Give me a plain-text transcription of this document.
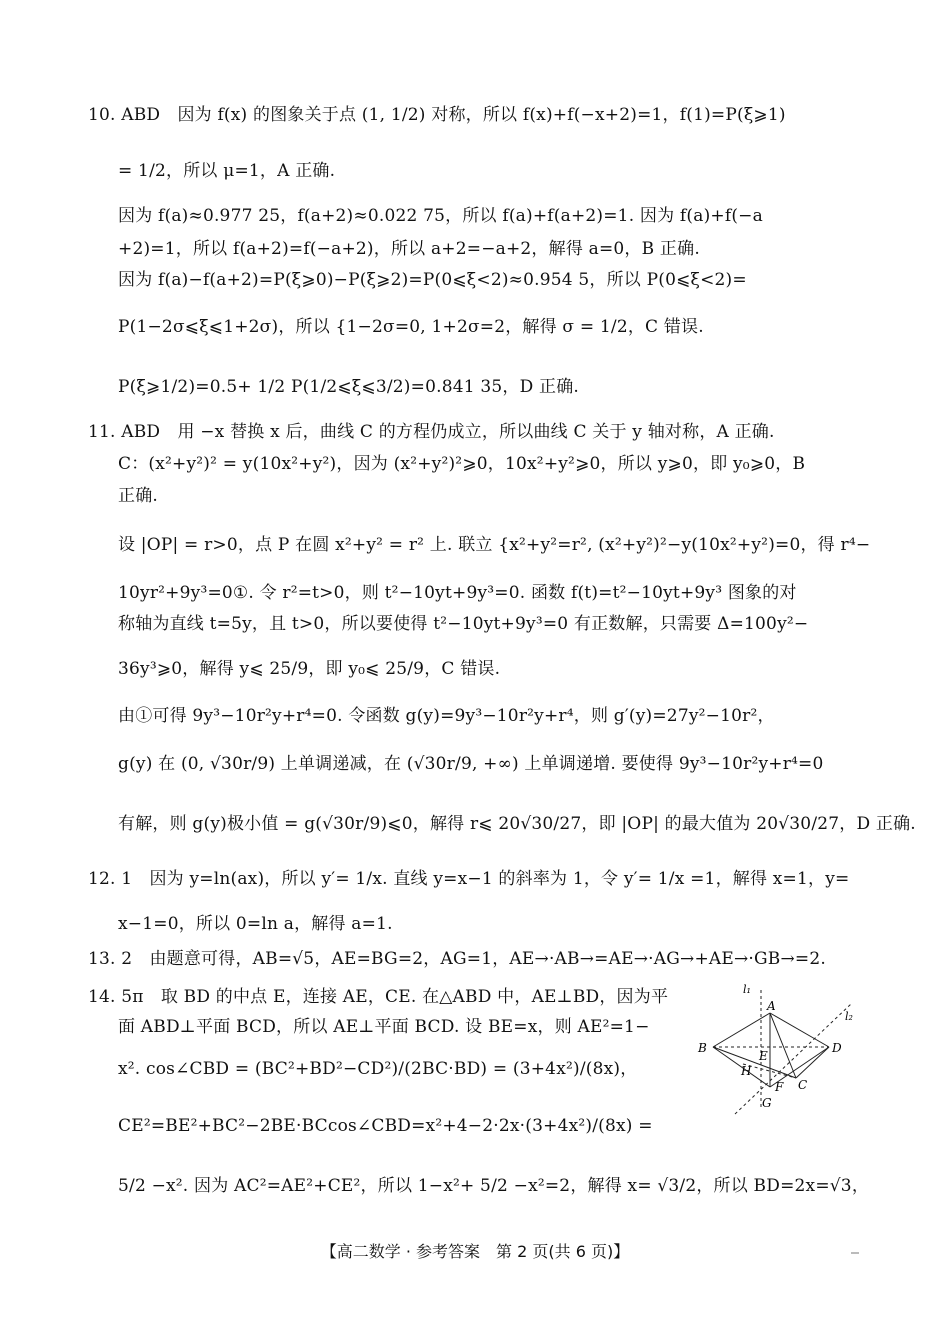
10. ABD　因为 f(x) 的图象关于点 (1, 1/2) 对称，所以 f(x)+f(−x+2)=1，f(1)=P(ξ⩾1)
= 1/2，所以 μ=1，A 正确.
因为 f(a)≈0.977 25，f(a+2)≈0.022 75，所以 f(a)+f(a+2)=1. 因为 f(a)+f(−a
+2)=1，所以 f(a+2)=f(−a+2)，所以 a+2=−a+2，解得 a=0，B 正确.
因为 f(a)−f(a+2)=P(ξ⩾0)−P(ξ⩾2)=P(0⩽ξ<2)≈0.954 5，所以 P(0⩽ξ<2)=
P(1−2σ⩽ξ⩽1+2σ)，所以 {1−2σ=0, 1+2σ=2，解得 σ = 1/2，C 错误.
P(ξ⩾1/2)=0.5+ 1/2 P(1/2⩽ξ⩽3/2)=0.841 35，D 正确.
11. ABD　用 −x 替换 x 后，曲线 C 的方程仍成立，所以曲线 C 关于 y 轴对称，A 正确.
C：(x²+y²)² = y(10x²+y²)，因为 (x²+y²)²⩾0，10x²+y²⩾0，所以 y⩾0，即 y₀⩾0，B
正确.
设 |OP| = r>0，点 P 在圆 x²+y² = r² 上. 联立 {x²+y²=r², (x²+y²)²−y(10x²+y²)=0，得 r⁴−
10yr²+9y³=0①. 令 r²=t>0，则 t²−10yt+9y³=0. 函数 f(t)=t²−10yt+9y³ 图象的对
称轴为直线 t=5y，且 t>0，所以要使得 t²−10yt+9y³=0 有正数解，只需要 Δ=100y²−
36y³⩾0，解得 y⩽ 25/9，即 y₀⩽ 25/9，C 错误.
由①可得 9y³−10r²y+r⁴=0. 令函数 g(y)=9y³−10r²y+r⁴，则 g′(y)=27y²−10r²，
g(y) 在 (0, √30r/9) 上单调递减，在 (√30r/9, +∞) 上单调递增. 要使得 9y³−10r²y+r⁴=0
有解，则 g(y)极小值 = g(√30r/9)⩽0，解得 r⩽ 20√30/27，即 |OP| 的最大值为 20√30/27，D 正确.
12. 1　因为 y=ln(ax)，所以 y′= 1/x. 直线 y=x−1 的斜率为 1，令 y′= 1/x =1，解得 x=1，y=
x−1=0，所以 0=ln a，解得 a=1.
13. 2　由题意可得，AB=√5，AE=BG=2，AG=1，AE→·AB→=AE→·AG→+AE→·GB→=2.
14. 5π　取 BD 的中点 E，连接 AE，CE. 在△ABD 中，AE⊥BD，因为平
面 ABD⊥平面 BCD，所以 AE⊥平面 BCD. 设 BE=x，则 AE²=1−
x². cos∠CBD = (BC²+BD²−CD²)/(2BC·BD) = (3+4x²)/(8x)，
CE²=BE²+BC²−2BE·BCcos∠CBD=x²+4−2·2x·(3+4x²)/(8x) =
5/2 −x². 因为 AC²=AE²+CE²，所以 1−x²+ 5/2 −x²=2，解得 x= √3/2，所以 BD=2x=√3，
l₁
l₂
A
B	D
E
H
F C
G
【高二数学 · 参考答案　第 2 页(共 6 页)】
